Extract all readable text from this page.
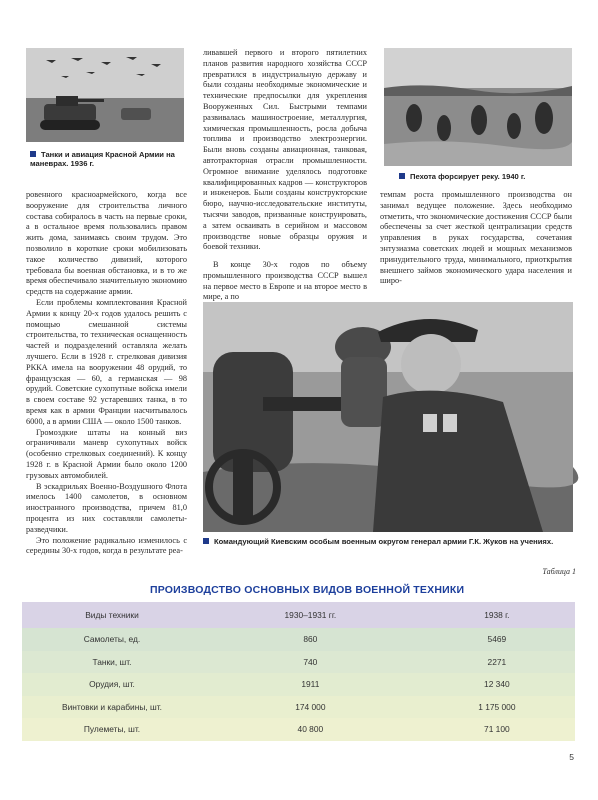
Танки и авиация Красной Армии на маневрах. 1936 г.
Пехота форсирует реку. 1940 г.

ровенного красноармейского, когда все вооружение для строительства личного состава собиралось в часть на первые сроки, а в остальное время пользовались правом жить дома, занимаясь своим трудом. Это позволило в короткие сроки мобилизовать такое количество дивизий, которого требовала бы военная обстановка, и в то же время обеспечивало значительную экономию средств на содержание армии.

Если проблемы комплектования Красной Армии к концу 20-х годов удалось решить с помощью смешанной системы строительства, то техническая оснащенность частей и подразделений оставляла желать лучшего. Если в 1928 г. стрелковая дивизия РККА имела на вооружении 48 орудий, то французская — 60, а германская — 98 орудий. Советские сухопутные войска имели в своем составе 92 устаревших танка, в то время как в армии Франции насчитывалось 6000, а в армии США — около 1500 танков.

Громоздкие штаты на конный виз ограничивали маневр сухопутных войск (особенно стрелковых соединений). К концу 1928 г. в Красной Армии было около 1200 грузовых автомобилей.

В эскадрильях Военно-Воздушного Флота имелось 1400 самолетов, в основном иностранного производства, причем 81,0 процента из них составляли самолеты-разведчики.

Это положение радикально изменилось с середины 30-х годов, когда в результате реа-

ливавшей первого и второго пятилетних планов развития народного хозяйства СССР превратился в индустриальную державу и были созданы необходимые экономические и технические предпосылки для укрепления Вооруженных Сил. Быстрыми темпами развивалась машиностроение, металлургия, химическая промышленность, росла добыча топлива и производство электроэнергии. Были вновь созданы авиационная, танковая, автотракторная отрасли промышленности. Огромное внимание уделялось подготовке квалифицированных кадров — конструкторов и инженеров. Были созданы конструкторские бюро, научно-исследовательские институты, тысячи заводов, призванные конструировать, а затем осваивать в серийном и массовом производстве новые образцы оружия и боевой техники.

В конце 30-х годов по объему промышленного производства СССР вышел на первое место в Европе и на второе место в мире, а по

темпам роста промышленного производства он занимал ведущее положение. Здесь необходимо отметить, что экономические достижения СССР были обеспечены за счет жесткой централизации средств управления в руках государства, сочетания энтузиазма советских людей и мощных механизмов принудительного труда, минимального, приоткрытия внешнего займов экономического удара населения и широ-

Командующий Киевским особым военным округом генерал армии Г.К. Жуков на учениях.
Таблица 1
ПРОИЗВОДСТВО ОСНОВНЫХ ВИДОВ ВОЕННОЙ ТЕХНИКИ
Виды техники	1930–1931 гг.	1938 г.
Самолеты, ед.	860	5469
Танки, шт.	740	2271
Орудия, шт.	1911	12 340
Винтовки и карабины, шт.	174 000	1 175 000
Пулеметы, шт.	40 800	71 100
5
